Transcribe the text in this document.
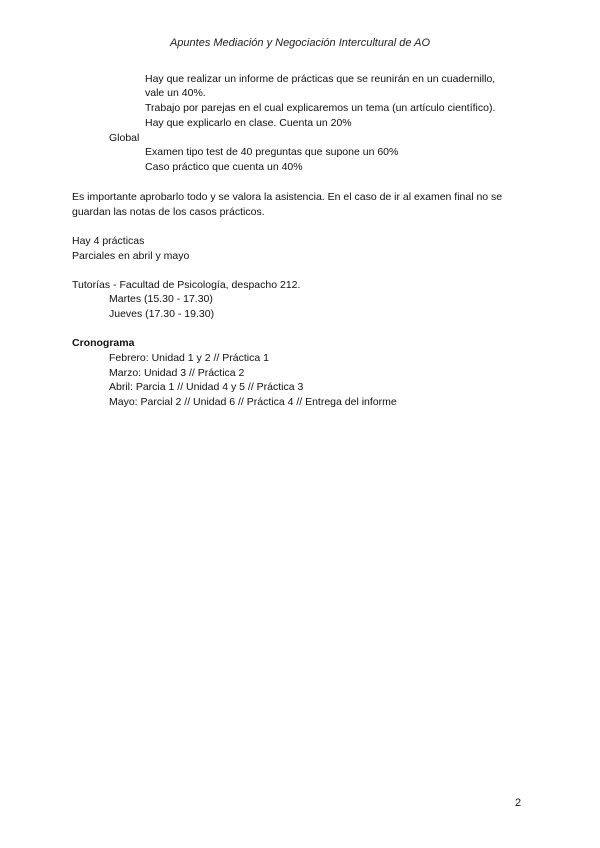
Apuntes Mediación y Negociación Intercultural de AO
Hay que realizar un informe de prácticas que se reunirán en un cuadernillo,
vale un 40%.
Trabajo por parejas en el cual explicaremos un tema (un artículo científico).
Hay que explicarlo en clase. Cuenta un 20%
Global
Examen tipo test de 40 preguntas que supone un 60%
Caso práctico que cuenta un 40%
Es importante aprobarlo todo y se valora la asistencia. En el caso de ir al examen final no se
guardan las notas de los casos prácticos.
Hay 4 prácticas
Parciales en abril y mayo
Tutorías - Facultad de Psicología, despacho 212.
Martes (15.30 - 17.30)
Jueves (17.30 - 19.30)
Cronograma
Febrero: Unidad 1 y 2 // Práctica 1
Marzo: Unidad 3 // Práctica 2
Abril: Parcia 1 // Unidad 4 y 5 // Práctica 3
Mayo: Parcial 2 // Unidad 6 // Práctica 4 // Entrega del informe
2
